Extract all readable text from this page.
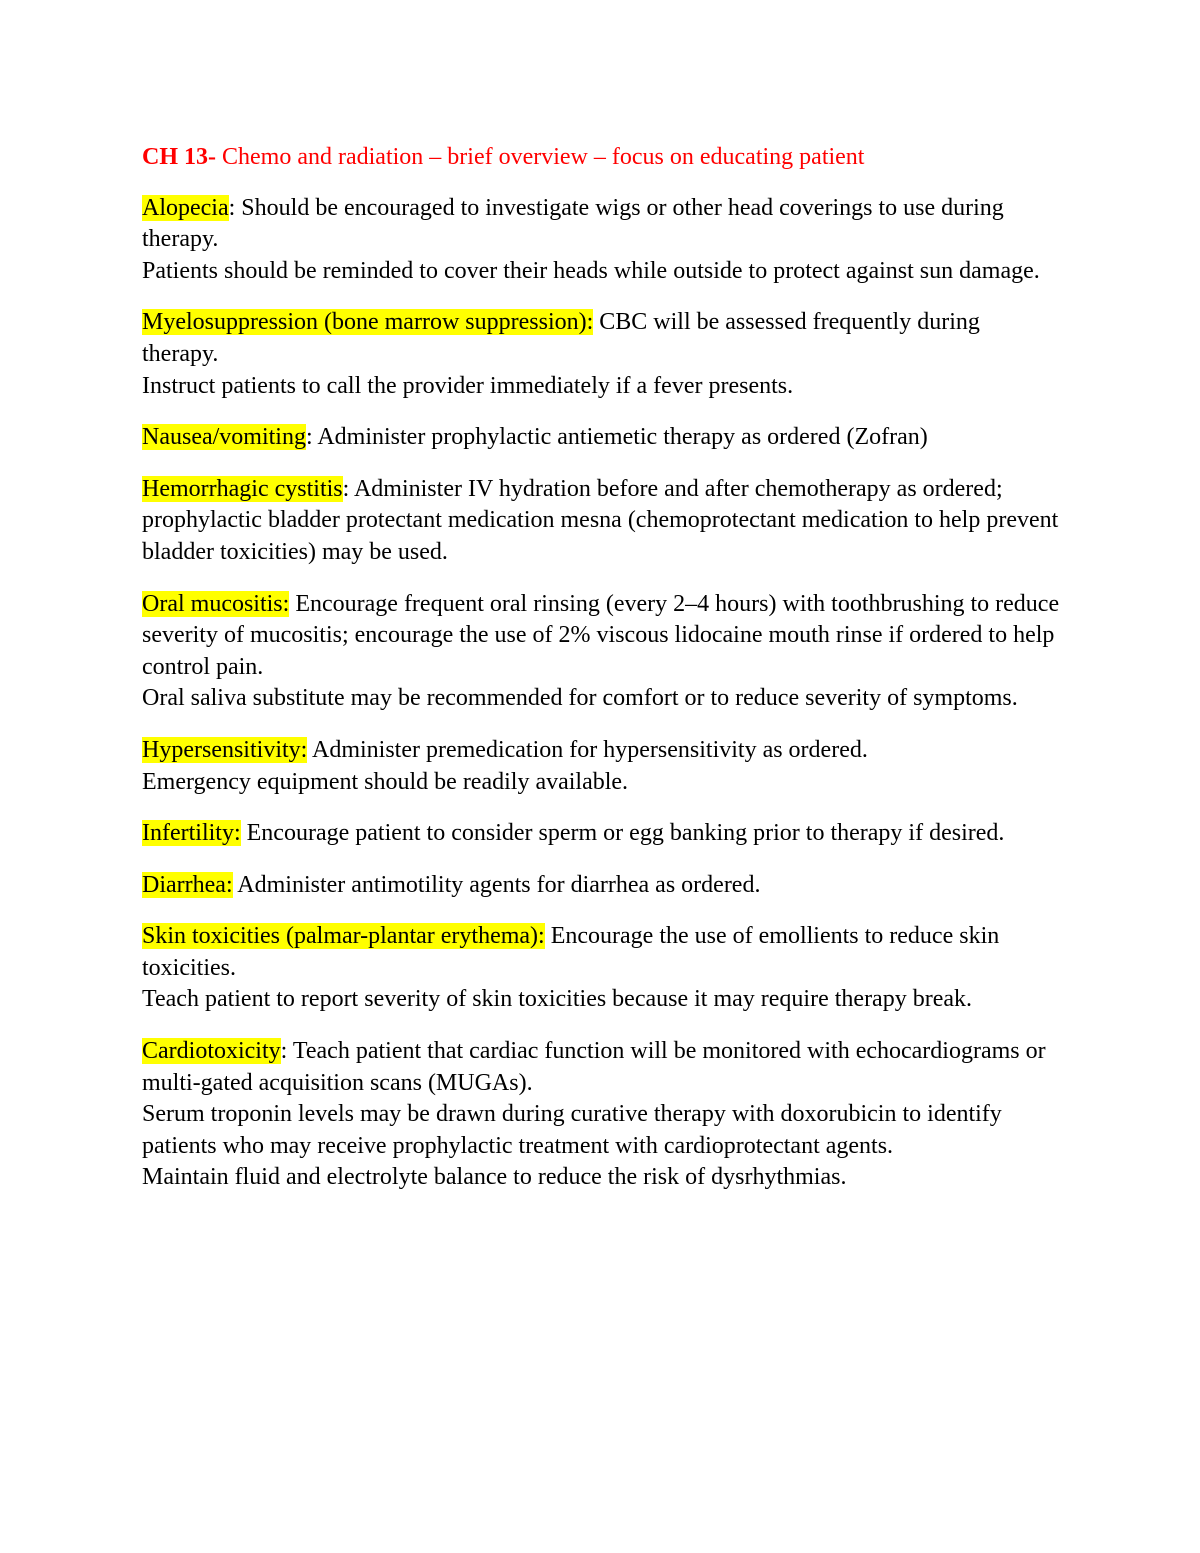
CH 13- Chemo and radiation – brief overview – focus on educating patient

Alopecia: Should be encouraged to investigate wigs or other head coverings to use during therapy.

Patients should be reminded to cover their heads while outside to protect against sun damage.

Myelosuppression (bone marrow suppression): CBC will be assessed frequently during therapy.

Instruct patients to call the provider immediately if a fever presents.

Nausea/vomiting: Administer prophylactic antiemetic therapy as ordered (Zofran)

Hemorrhagic cystitis: Administer IV hydration before and after chemotherapy as ordered; prophylactic bladder protectant medication mesna (chemoprotectant medication to help prevent bladder toxicities) may be used.

Oral mucositis: Encourage frequent oral rinsing (every 2–4 hours) with toothbrushing to reduce severity of mucositis; encourage the use of 2% viscous lidocaine mouth rinse if ordered to help control pain.

Oral saliva substitute may be recommended for comfort or to reduce severity of symptoms.

Hypersensitivity: Administer premedication for hypersensitivity as ordered.

Emergency equipment should be readily available.

Infertility: Encourage patient to consider sperm or egg banking prior to therapy if desired.

Diarrhea: Administer antimotility agents for diarrhea as ordered.

Skin toxicities (palmar-plantar erythema): Encourage the use of emollients to reduce skin toxicities.

Teach patient to report severity of skin toxicities because it may require therapy break.

Cardiotoxicity: Teach patient that cardiac function will be monitored with echocardiograms or multi-gated acquisition scans (MUGAs).

Serum troponin levels may be drawn during curative therapy with doxorubicin to identify patients who may receive prophylactic treatment with cardioprotectant agents.

Maintain fluid and electrolyte balance to reduce the risk of dysrhythmias.
